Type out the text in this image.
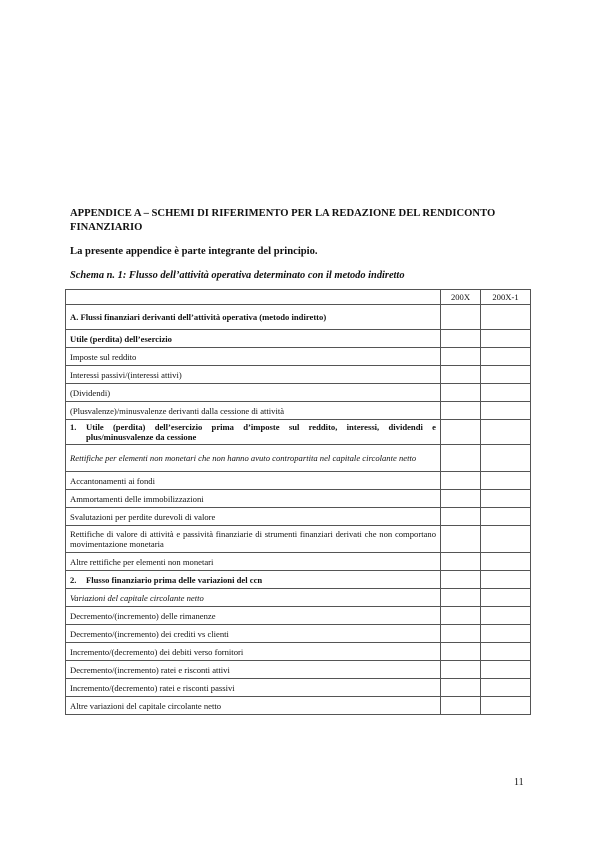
APPENDICE A – SCHEMI DI RIFERIMENTO PER LA REDAZIONE DEL RENDICONTO FINANZIARIO

La presente appendice è parte integrante del principio.

Schema n. 1: Flusso dell’attività operativa determinato con il metodo indiretto

	200X	200X-1
A. Flussi finanziari derivanti dell’attività operativa (metodo indiretto)		
Utile (perdita) dell’esercizio		
Imposte sul reddito		
Interessi passivi/(interessi attivi)		
(Dividendi)		
(Plusvalenze)/minusvalenze derivanti dalla cessione di attività		

1. Utile (perdita) dell’esercizio prima d’imposte sul reddito, interessi, dividendi e plus/minusvalenze da cessione		

Rettifiche per elementi non monetari che non hanno avuto contropartita nel capitale circolante netto		
Accantonamenti ai fondi		
Ammortamenti delle immobilizzazioni		
Svalutazioni per perdite durevoli di valore		
Rettifiche di valore di attività e passività finanziarie di strumenti finanziari derivati che non comportano movimentazione monetaria		
Altre rettifiche per elementi non monetari		

2. Flusso finanziario prima delle variazioni del ccn		

Variazioni del capitale circolante netto		
Decremento/(incremento) delle rimanenze		
Decremento/(incremento) dei crediti vs clienti		
Incremento/(decremento) dei debiti verso fornitori		
Decremento/(incremento) ratei e risconti attivi		
Incremento/(decremento) ratei e risconti passivi		
Altre variazioni del capitale circolante netto		
11
